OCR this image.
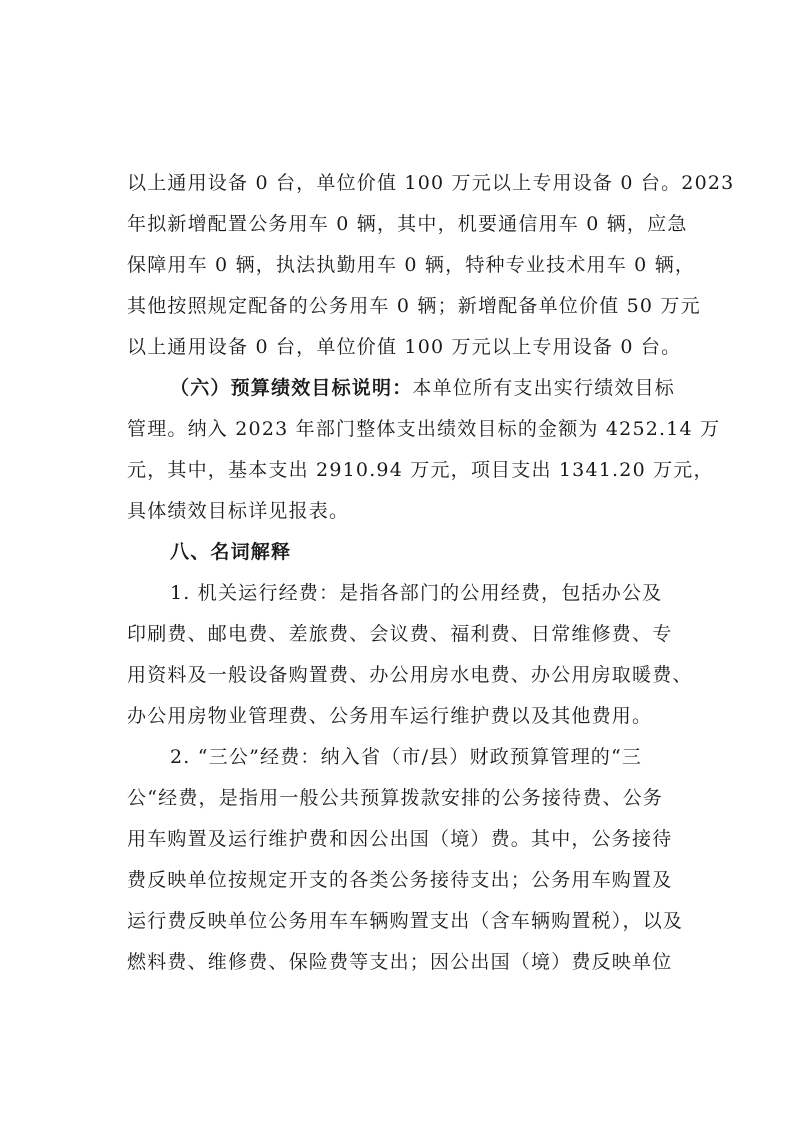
以上通用设备 0 台，单位价值 100 万元以上专用设备 0 台。2023
年拟新增配置公务用车 0 辆，其中，机要通信用车 0 辆，应急
保障用车 0 辆，执法执勤用车 0 辆，特种专业技术用车 0 辆，
其他按照规定配备的公务用车 0 辆；新增配备单位价值 50 万元
以上通用设备 0 台，单位价值 100 万元以上专用设备 0 台。
（六）预算绩效目标说明：本单位所有支出实行绩效目标
管理。纳入 2023 年部门整体支出绩效目标的金额为 4252.14 万
元，其中，基本支出 2910.94 万元，项目支出 1341.20 万元，
具体绩效目标详见报表。
八、名词解释
1. 机关运行经费：是指各部门的公用经费，包括办公及
印刷费、邮电费、差旅费、会议费、福利费、日常维修费、专
用资料及一般设备购置费、办公用房水电费、办公用房取暖费、
办公用房物业管理费、公务用车运行维护费以及其他费用。
2. “三公”经费：纳入省（市/县）财政预算管理的“三
公“经费，是指用一般公共预算拨款安排的公务接待费、公务
用车购置及运行维护费和因公出国（境）费。其中，公务接待
费反映单位按规定开支的各类公务接待支出；公务用车购置及
运行费反映单位公务用车车辆购置支出（含车辆购置税），以及
燃料费、维修费、保险费等支出；因公出国（境）费反映单位
